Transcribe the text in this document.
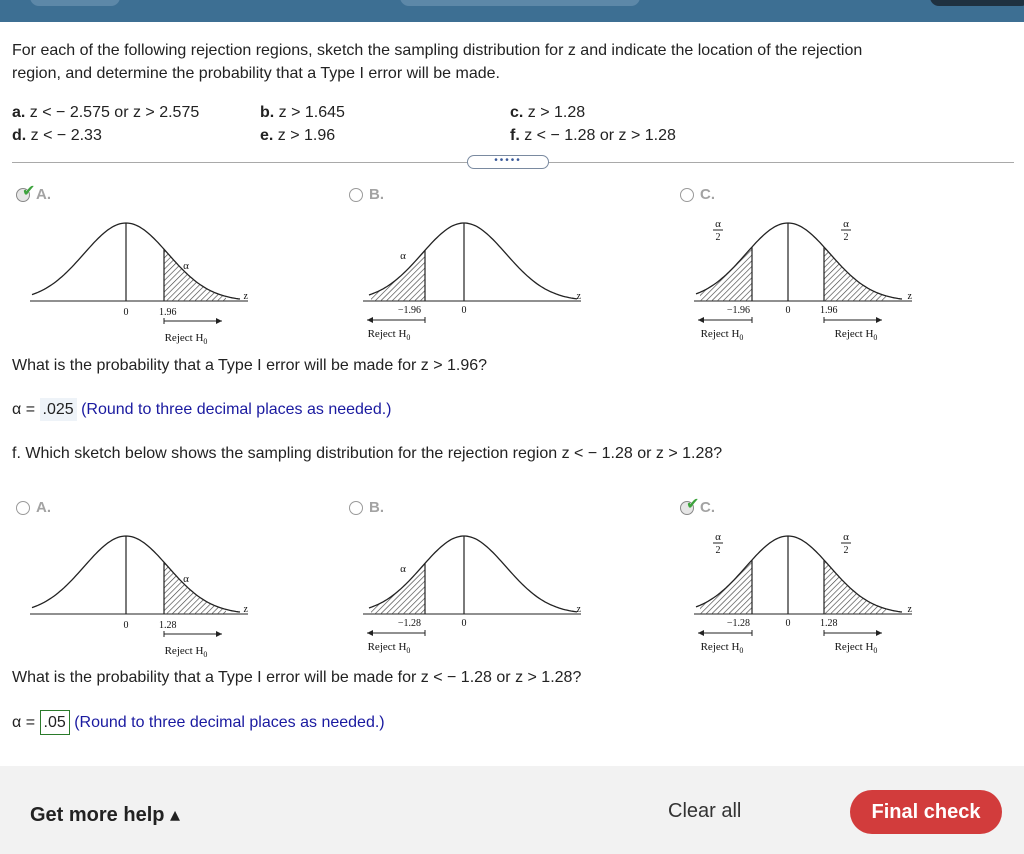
For each of the following rejection regions, sketch the sampling distribution for z and indicate the location of the rejection
region, and determine the probability that a Type I error will be made.
a. z < − 2.575 or z > 2.575	b. z > 1.645	c. z > 1.28
d. z < − 2.33	e. z > 1.96	f. z < − 1.28 or z > 1.28
•••••
✔ A.
z
α
0	1.96
Reject $H_0$
B.
z
α
0
−1.96
Reject $H_0$
C.
z
α
2
α
2
0
−1.96	1.96
Reject $H_0$	Reject $H_0$
What is the probability that a Type I error will be made for z > 1.96?
α = .025 (Round to three decimal places as needed.)
f. Which sketch below shows the sampling distribution for the rejection region z < − 1.28 or z > 1.28?
A.
z
α
0	1.28
Reject $H_0$
B.
z
α
0
−1.28
Reject $H_0$
✔ C.
z
α
2
α
2
0
−1.28	1.28
Reject $H_0$	Reject $H_0$
What is the probability that a Type I error will be made for z < − 1.28 or z > 1.28?
α = .05 (Round to three decimal places as needed.)
Get more help ▴	Clear all	Final check
